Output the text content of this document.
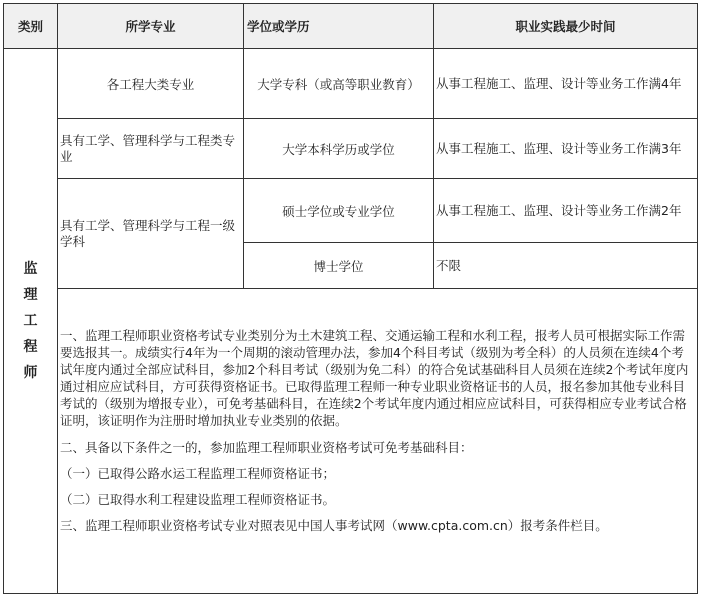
类别	所学专业	学位或学历	职业实践最少时间

监
理
工
程
师	各工程大类专业	大学专科（或高等职业教育）	从事工程施工、监理、设计等业务工作满4年
	具有工学、管理科学与工程类专业	大学本科学历或学位	从事工程施工、监理、设计等业务工作满3年
	具有工学、管理科学与工程一级学科	硕士学位或专业学位	从事工程施工、监理、设计等业务工作满2年
		博士学位	不限

	一、监理工程师职业资格考试专业类别分为土木建筑工程、交通运输工程和水利工程，报考人员可根据实际工作需要选报其一。成绩实行4年为一个周期的滚动管理办法，参加4个科目考试（级别为考全科）的人员须在连续4个考试年度内通过全部应试科目，参加2个科目考试（级别为免二科）的符合免试基础科目人员须在连续2个考试年度内通过相应应试科目，方可获得资格证书。已取得监理工程师一种专业职业资格证书的人员，报名参加其他专业科目考试的（级别为增报专业），可免考基础科目，在连续2个考试年度内通过相应应试科目，可获得相应专业考试合格证明，该证明作为注册时增加执业专业类别的依据。

二、具备以下条件之一的，参加监理工程师职业资格考试可免考基础科目：

（一）已取得公路水运工程监理工程师资格证书；

（二）已取得水利工程建设监理工程师资格证书。

三、监理工程师职业资格考试专业对照表见中国人事考试网（www.cpta.com.cn）报考条件栏目。		
